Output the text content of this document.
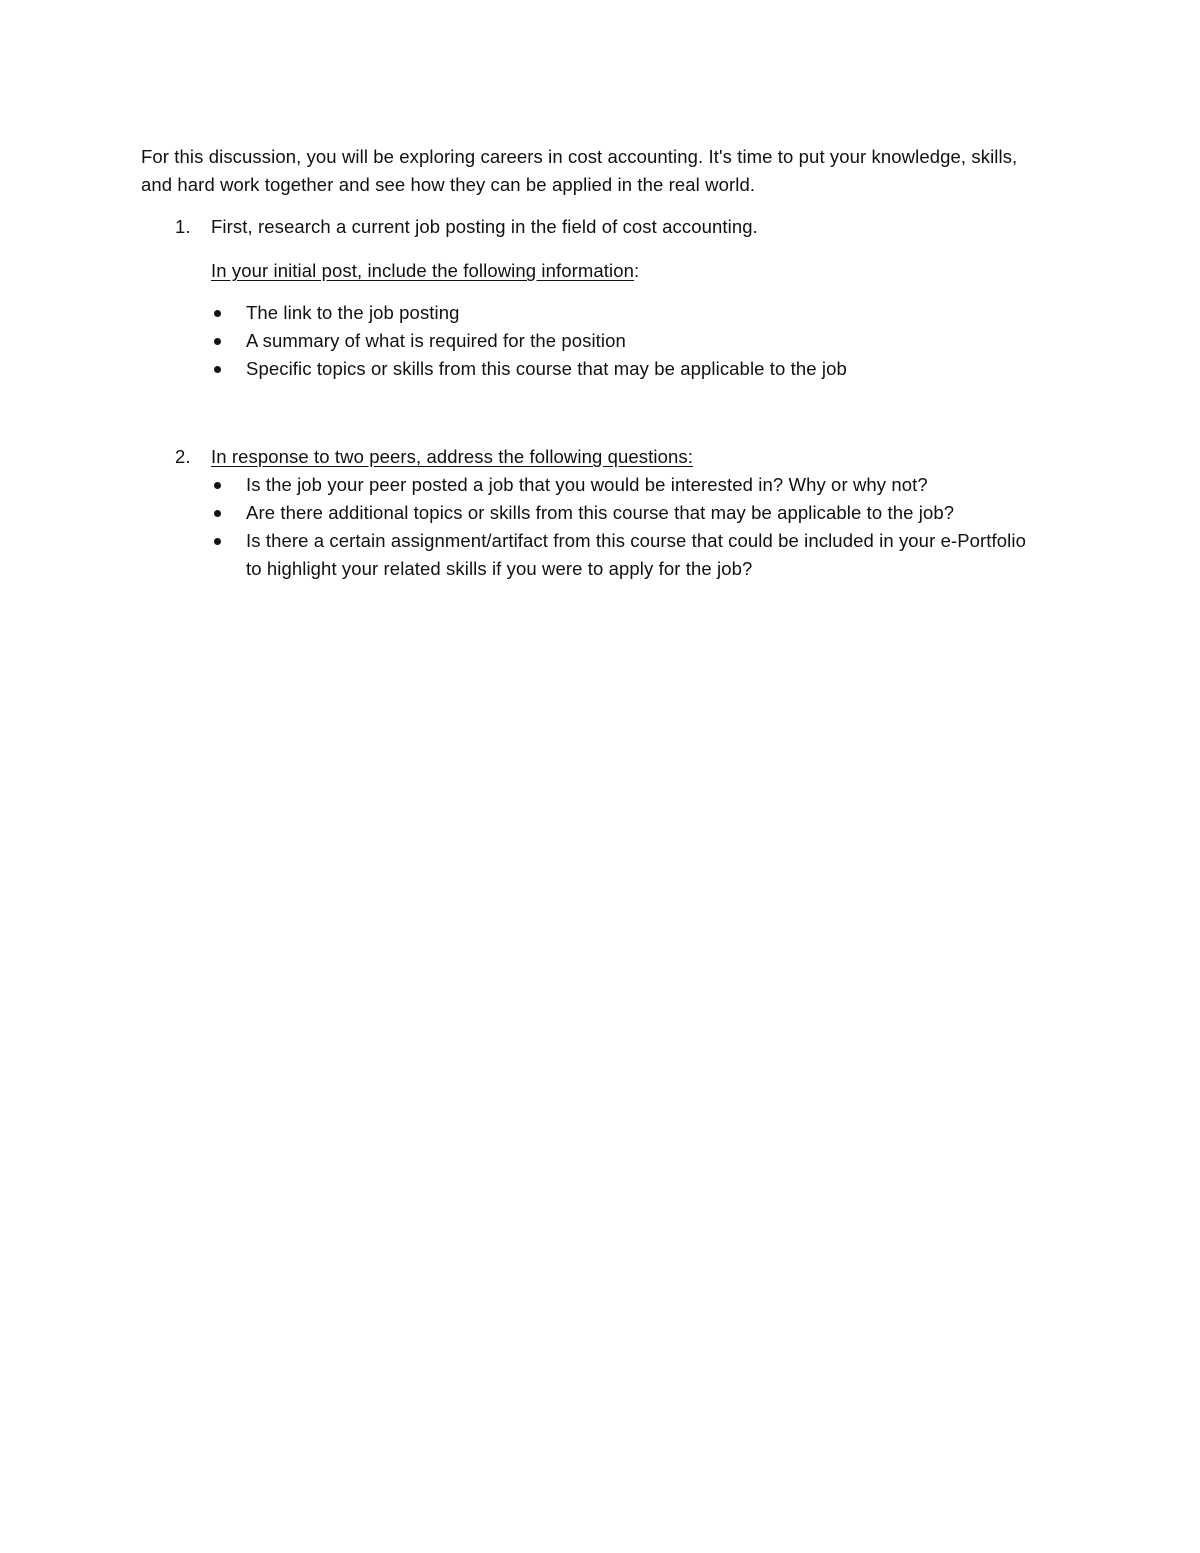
For this discussion, you will be exploring careers in cost accounting. It's time to put your knowledge, skills, and hard work together and see how they can be applied in the real world.

1. First, research a current job posting in the field of cost accounting.

In your initial post, include the following information:

The link to the job posting
A summary of what is required for the position
Specific topics or skills from this course that may be applicable to the job
2. In response to two peers, address the following questions:

Is the job your peer posted a job that you would be interested in? Why or why not?
Are there additional topics or skills from this course that may be applicable to the job?
Is there a certain assignment/artifact from this course that could be included in your e-Portfolio to highlight your related skills if you were to apply for the job?
